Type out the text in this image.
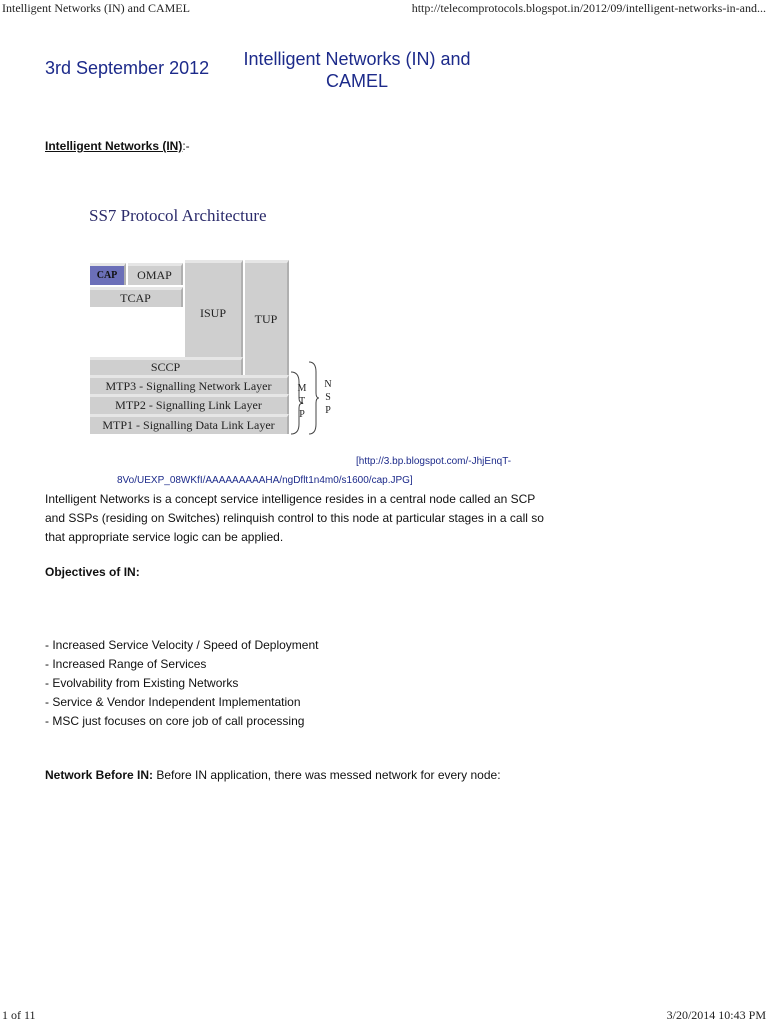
Intelligent Networks (IN) and CAMEL	http://telecomprotocols.blogspot.in/2012/09/intelligent-networks-in-and...
3rd September 2012	Intelligent Networks (IN) and CAMEL
Intelligent Networks (IN):-
SS7 Protocol Architecture
CAP	OMAP
TCAP
ISUP	TUP
SCCP
MTP3 - Signalling Network Layer
MTP2 - Signalling Link Layer
MTP1 - Signalling Data Link Layer
M
T
P
N
S
P
[http://3.bp.blogspot.com/-JhjEnqT-
8Vo/UEXP_08WKfI/AAAAAAAAAHA/ngDflt1n4m0/s1600/cap.JPG]
Intelligent Networks is a concept service intelligence resides in a central node called an SCP and SSPs (residing on Switches) relinquish control to this node at particular stages in a call so that appropriate service logic can be applied.
Objectives of IN:
- Increased Service Velocity / Speed of Deployment
- Increased Range of Services
- Evolvability from Existing Networks
- Service & Vendor Independent Implementation
- MSC just focuses on core job of call processing
Network Before IN: Before IN application, there was messed network for every node:
1 of 11	3/20/2014 10:43 PM
